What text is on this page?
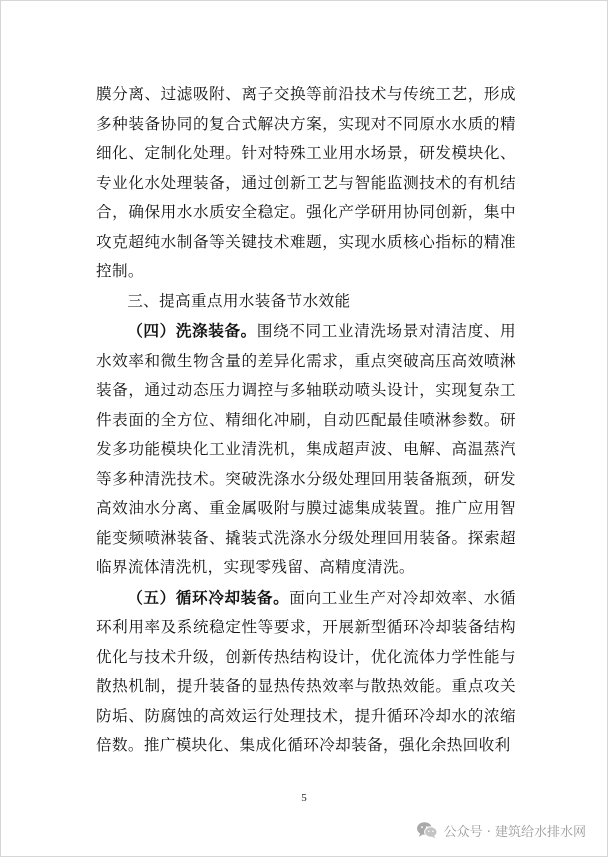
膜分离、过滤吸附、离子交换等前沿技术与传统工艺，形成多种装备协同的复合式解决方案，实现对不同原水水质的精细化、定制化处理。针对特殊工业用水场景，研发模块化、专业化水处理装备，通过创新工艺与智能监测技术的有机结合，确保用水水质安全稳定。强化产学研用协同创新，集中攻克超纯水制备等关键技术难题，实现水质核心指标的精准控制。

三、提高重点用水装备节水效能

（四）洗涤装备。围绕不同工业清洗场景对清洁度、用水效率和微生物含量的差异化需求，重点突破高压高效喷淋装备，通过动态压力调控与多轴联动喷头设计，实现复杂工件表面的全方位、精细化冲刷，自动匹配最佳喷淋参数。研发多功能模块化工业清洗机，集成超声波、电解、高温蒸汽等多种清洗技术。突破洗涤水分级处理回用装备瓶颈，研发高效油水分离、重金属吸附与膜过滤集成装置。推广应用智能变频喷淋装备、撬装式洗涤水分级处理回用装备。探索超临界流体清洗机，实现零残留、高精度清洗。

（五）循环冷却装备。面向工业生产对冷却效率、水循环利用率及系统稳定性等要求，开展新型循环冷却装备结构优化与技术升级，创新传热结构设计，优化流体力学性能与散热机制，提升装备的显热传热效率与散热效能。重点攻关防垢、防腐蚀的高效运行处理技术，提升循环冷却水的浓缩倍数。推广模块化、集成化循环冷却装备，强化余热回收利

5
公众号 · 建筑给水排水网
